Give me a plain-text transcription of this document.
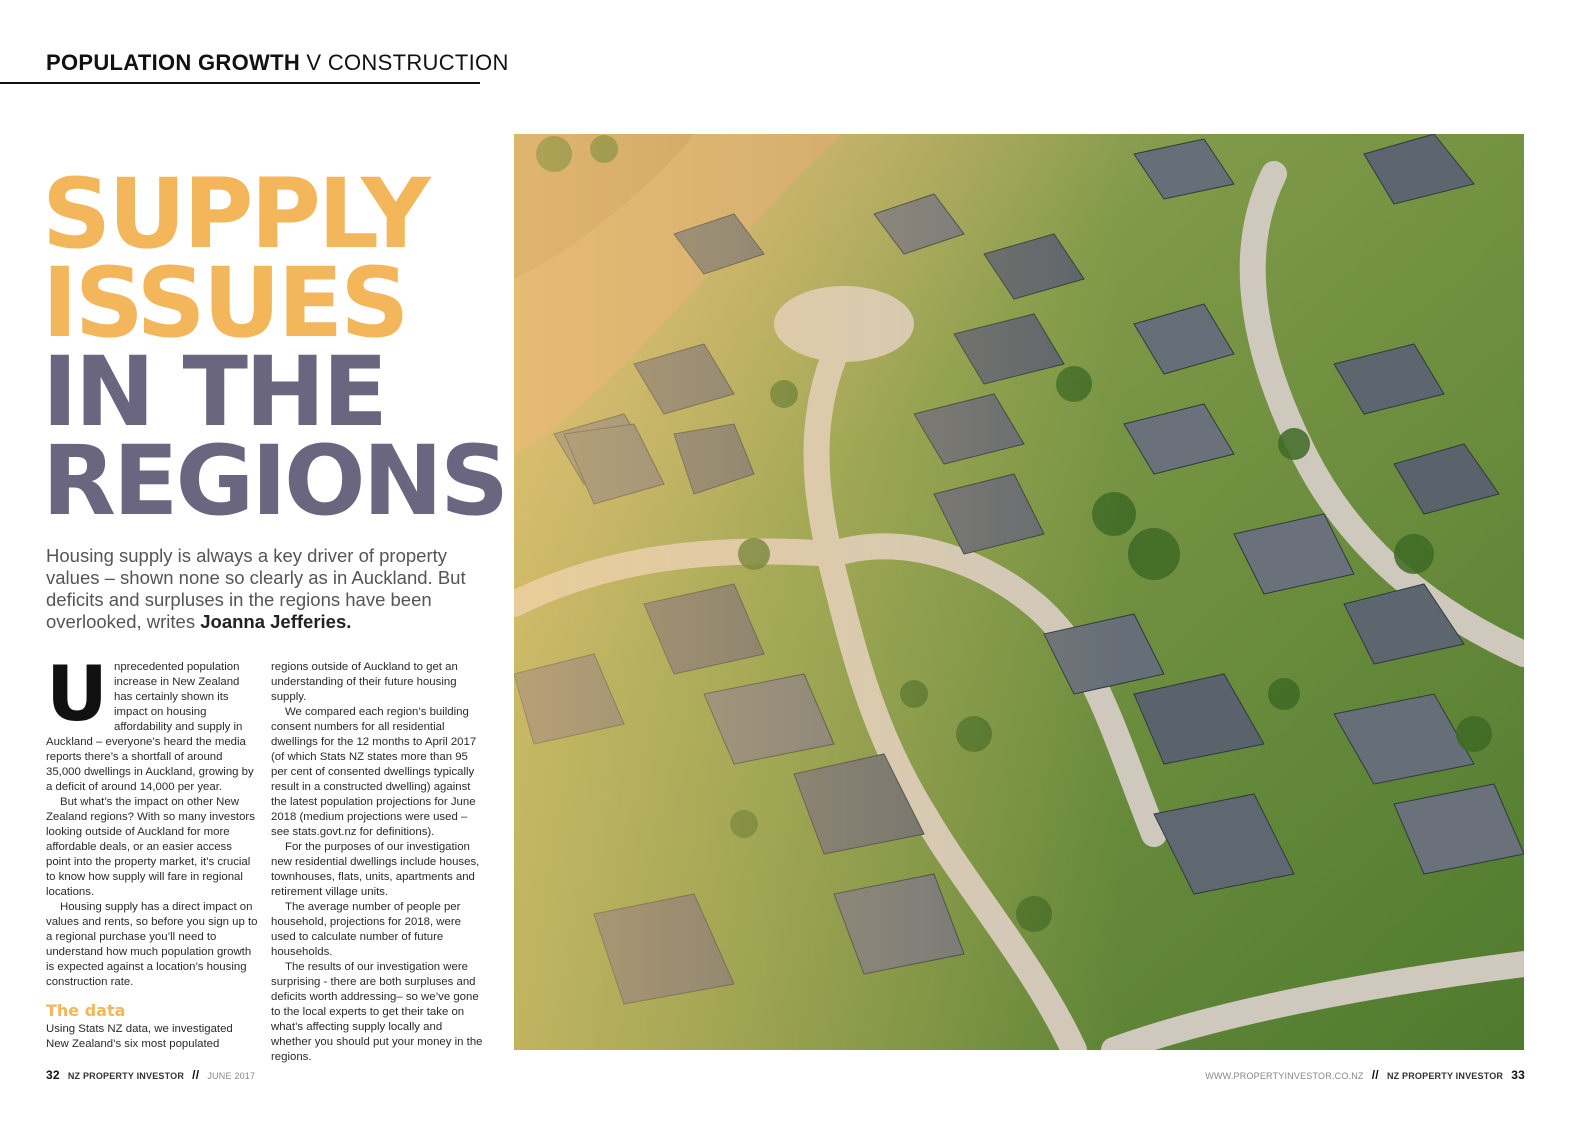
POPULATION GROWTH V CONSTRUCTION
SUPPLY
ISSUES
IN THE
REGIONS
Housing supply is always a key driver of property values – shown none so clearly as in Auckland. But deficits and surpluses in the regions have been overlooked, writes Joanna Jefferies.

Unprecedented population increase in New Zealand has certainly shown its impact on housing affordability and supply in Auckland – everyone’s heard the media reports there’s a shortfall of around 35,000 dwellings in Auckland, growing by a deficit of around 14,000 per year.

But what’s the impact on other New Zealand regions? With so many investors looking outside of Auckland for more affordable deals, or an easier access point into the property market, it’s crucial to know how supply will fare in regional locations.

Housing supply has a direct impact on values and rents, so before you sign up to a regional purchase you’ll need to understand how much population growth is expected against a location’s housing construction rate.

The data

Using Stats NZ data, we investigated New Zealand’s six most populated

regions outside of Auckland to get an understanding of their future housing supply.

We compared each region’s building consent numbers for all residential dwellings for the 12 months to April 2017 (of which Stats NZ states more than 95 per cent of consented dwellings typically result in a constructed dwelling) against the latest population projections for June 2018 (medium projections were used – see stats.govt.nz for definitions).

For the purposes of our investigation new residential dwellings include houses, townhouses, flats, units, apartments and retirement village units.

The average number of people per household, projections for 2018, were used to calculate number of future households.

The results of our investigation were surprising - there are both surpluses and deficits worth addressing– so we’ve gone to the local experts to get their take on what’s affecting supply locally and whether you should put your money in the regions.

32 NZ PROPERTY INVESTOR // JUNE 2017	WWW.PROPERTYINVESTOR.CO.NZ // NZ PROPERTY INVESTOR 33
